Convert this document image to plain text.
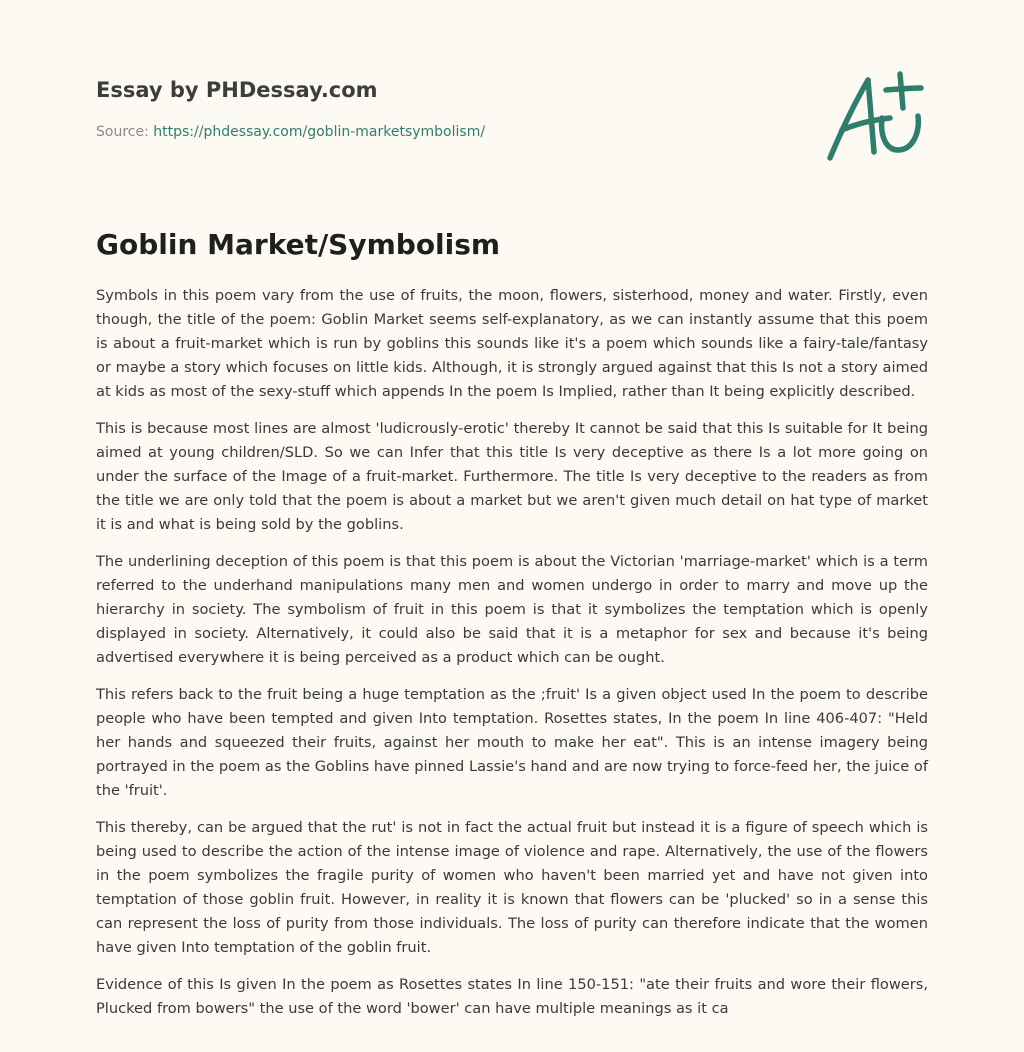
Essay by PHDessay.com
Source: https://phdessay.com/goblin-marketsymbolism/
Goblin Market/Symbolism

Symbols in this poem vary from the use of fruits, the moon, flowers, sisterhood, money and water. Firstly, even though, the title of the poem: Goblin Market seems self-explanatory, as we can instantly assume that this poem is about a fruit-market which is run by goblins this sounds like it's a poem which sounds like a fairy-tale/fantasy or maybe a story which focuses on little kids. Although, it is strongly argued against that this Is not a story aimed at kids as most of the sexy-stuff which appends In the poem Is Implied, rather than It being explicitly described.

This is because most lines are almost 'ludicrously-erotic' thereby It cannot be said that this Is suitable for It being aimed at young children/SLD. So we can Infer that this title Is very deceptive as there Is a lot more going on under the surface of the Image of a fruit-market. Furthermore. The title Is very deceptive to the readers as from the title we are only told that the poem is about a market but we aren't given much detail on hat type of market it is and what is being sold by the goblins.

The underlining deception of this poem is that this poem is about the Victorian 'marriage-market' which is a term referred to the underhand manipulations many men and women undergo in order to marry and move up the hierarchy in society. The symbolism of fruit in this poem is that it symbolizes the temptation which is openly displayed in society. Alternatively, it could also be said that it is a metaphor for sex and because it's being advertised everywhere it is being perceived as a product which can be ought.

This refers back to the fruit being a huge temptation as the ;fruit' Is a given object used In the poem to describe people who have been tempted and given Into temptation. Rosettes states, In the poem In line 406-407: "Held her hands and squeezed their fruits, against her mouth to make her eat". This is an intense imagery being portrayed in the poem as the Goblins have pinned Lassie's hand and are now trying to force-feed her, the juice of the 'fruit'.

This thereby, can be argued that the rut' is not in fact the actual fruit but instead it is a figure of speech which is being used to describe the action of the intense image of violence and rape. Alternatively, the use of the flowers in the poem symbolizes the fragile purity of women who haven't been married yet and have not given into temptation of those goblin fruit. However, in reality it is known that flowers can be 'plucked' so in a sense this can represent the loss of purity from those individuals. The loss of purity can therefore indicate that the women have given Into temptation of the goblin fruit.

Evidence of this Is given In the poem as Rosettes states In line 150-151: "ate their fruits and wore their flowers, Plucked from bowers" the use of the word 'bower' can have multiple meanings as it ca
